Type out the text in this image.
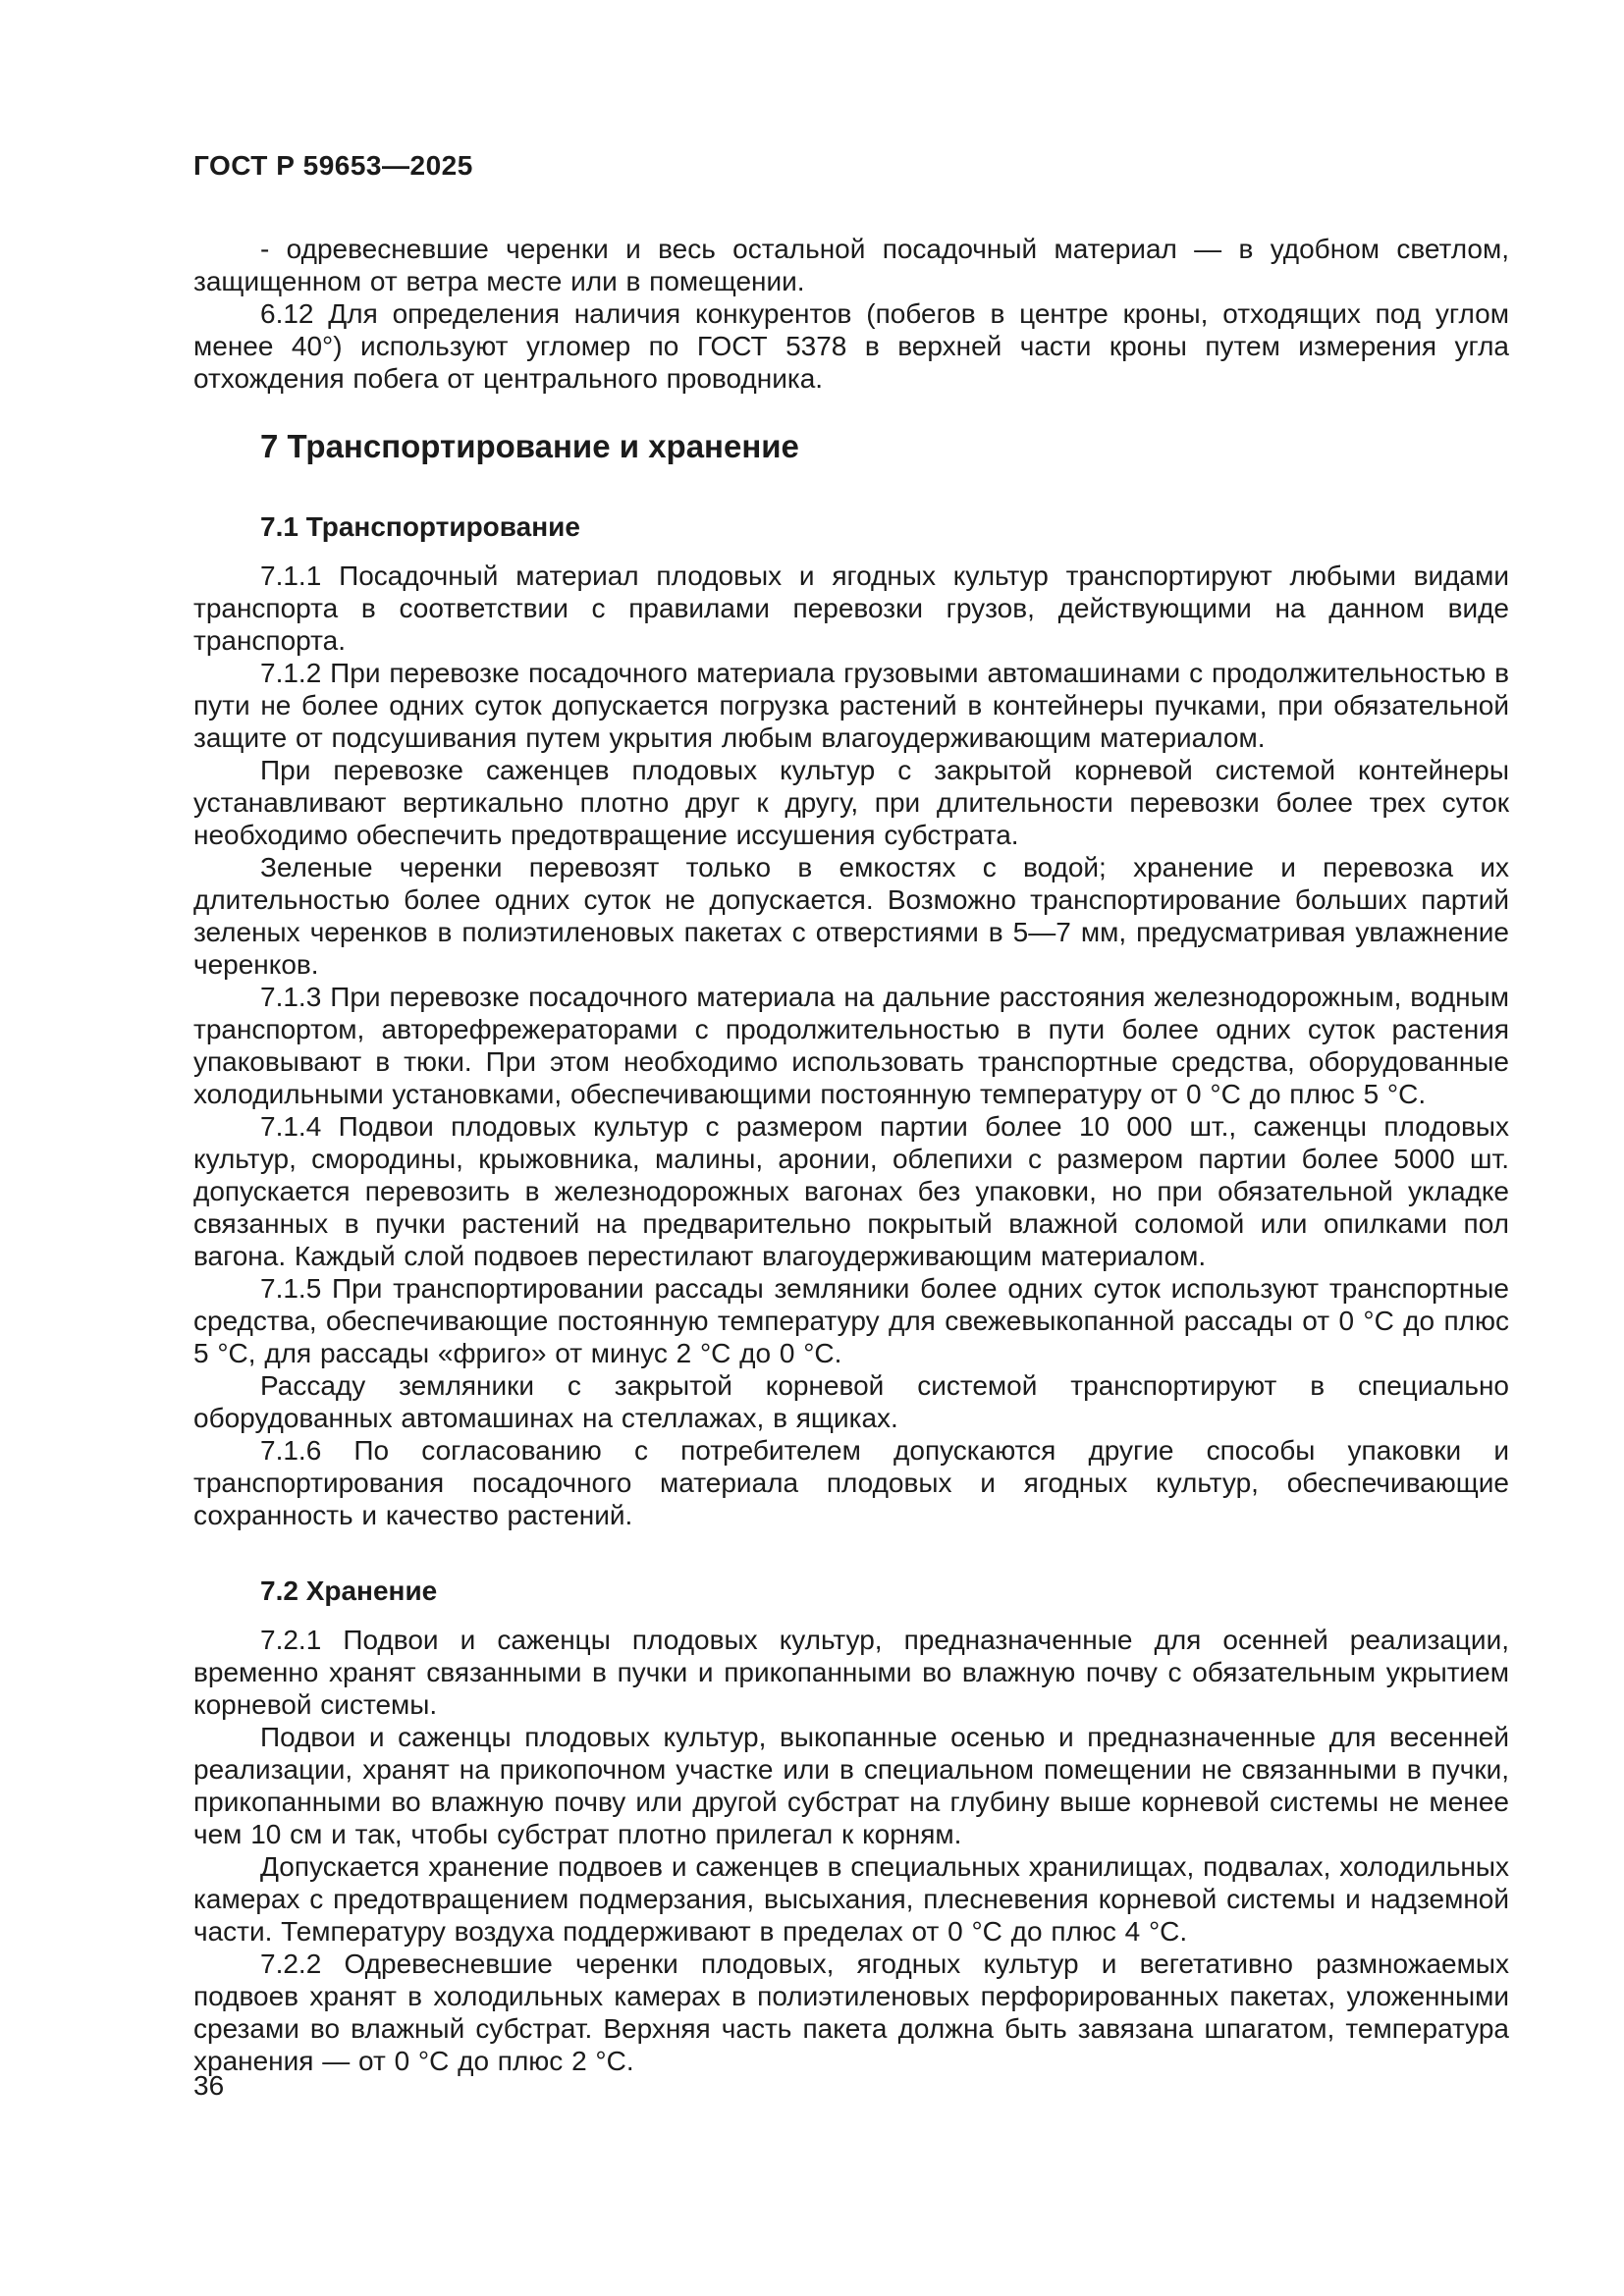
ГОСТ Р 59653—2025

- одревесневшие черенки и весь остальной посадочный материал — в удобном светлом, защищенном от ветра месте или в помещении.

6.12 Для определения наличия конкурентов (побегов в центре кроны, отходящих под углом менее 40°) используют угломер по ГОСТ 5378 в верхней части кроны путем измерения угла отхождения побега от центрального проводника.

7 Транспортирование и хранение
7.1 Транспортирование

7.1.1 Посадочный материал плодовых и ягодных культур транспортируют любыми видами транспорта в соответствии с правилами перевозки грузов, действующими на данном виде транспорта.

7.1.2 При перевозке посадочного материала грузовыми автомашинами с продолжительностью в пути не более одних суток допускается погрузка растений в контейнеры пучками, при обязательной защите от подсушивания путем укрытия любым влагоудерживающим материалом.

При перевозке саженцев плодовых культур с закрытой корневой системой контейнеры устанавливают вертикально плотно друг к другу, при длительности перевозки более трех суток необходимо обеспечить предотвращение иссушения субстрата.

Зеленые черенки перевозят только в емкостях с водой; хранение и перевозка их длительностью более одних суток не допускается. Возможно транспортирование больших партий зеленых черенков в полиэтиленовых пакетах с отверстиями в 5—7 мм, предусматривая увлажнение черенков.

7.1.3 При перевозке посадочного материала на дальние расстояния железнодорожным, водным транспортом, авторефрежераторами с продолжительностью в пути более одних суток растения упаковывают в тюки. При этом необходимо использовать транспортные средства, оборудованные холодильными установками, обеспечивающими постоянную температуру от 0 °С до плюс 5 °С.

7.1.4 Подвои плодовых культур с размером партии более 10 000 шт., саженцы плодовых культур, смородины, крыжовника, малины, аронии, облепихи с размером партии более 5000 шт. допускается перевозить в железнодорожных вагонах без упаковки, но при обязательной укладке связанных в пучки растений на предварительно покрытый влажной соломой или опилками пол вагона. Каждый слой подвоев перестилают влагоудерживающим материалом.

7.1.5 При транспортировании рассады земляники более одних суток используют транспортные средства, обеспечивающие постоянную температуру для свежевыкопанной рассады от 0 °С до плюс 5 °С, для рассады «фриго» от минус 2 °С до 0 °С.

Рассаду земляники с закрытой корневой системой транспортируют в специально оборудованных автомашинах на стеллажах, в ящиках.

7.1.6 По согласованию с потребителем допускаются другие способы упаковки и транспортирования посадочного материала плодовых и ягодных культур, обеспечивающие сохранность и качество растений.

7.2 Хранение

7.2.1 Подвои и саженцы плодовых культур, предназначенные для осенней реализации, временно хранят связанными в пучки и прикопанными во влажную почву с обязательным укрытием корневой системы.

Подвои и саженцы плодовых культур, выкопанные осенью и предназначенные для весенней реализации, хранят на прикопочном участке или в специальном помещении не связанными в пучки, прикопанными во влажную почву или другой субстрат на глубину выше корневой системы не менее чем 10 см и так, чтобы субстрат плотно прилегал к корням.

Допускается хранение подвоев и саженцев в специальных хранилищах, подвалах, холодильных камерах с предотвращением подмерзания, высыхания, плесневения корневой системы и надземной части. Температуру воздуха поддерживают в пределах от 0 °С до плюс 4 °С.

7.2.2 Одревесневшие черенки плодовых, ягодных культур и вегетативно размножаемых подвоев хранят в холодильных камерах в полиэтиленовых перфорированных пакетах, уложенными срезами во влажный субстрат. Верхняя часть пакета должна быть завязана шпагатом, температура хранения — от 0 °С до плюс 2 °С.

36
